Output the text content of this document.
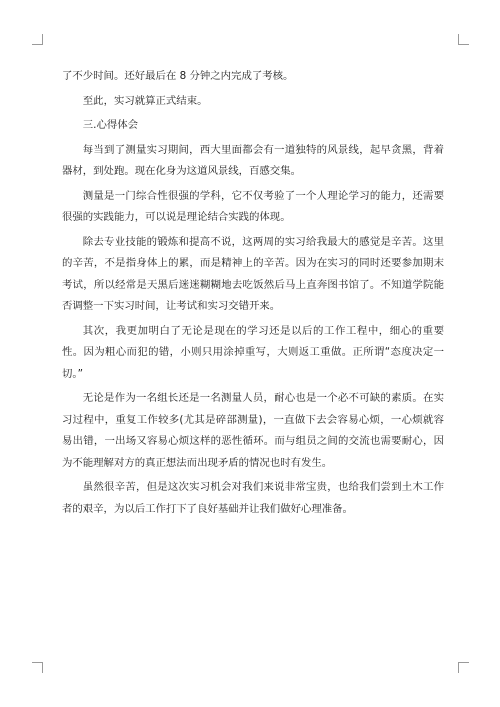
了不少时间。还好最后在 8 分钟之内完成了考核。

至此，实习就算正式结束。

三.心得体会

每当到了测量实习期间，西大里面都会有一道独特的风景线，起早贪黑，背着器材，到处跑。现在化身为这道风景线，百感交集。

测量是一门综合性很强的学科，它不仅考验了一个人理论学习的能力，还需要很强的实践能力，可以说是理论结合实践的体现。

除去专业技能的锻炼和提高不说，这两周的实习给我最大的感觉是辛苦。这里的辛苦，不是指身体上的累，而是精神上的辛苦。因为在实习的同时还要参加期末考试，所以经常是天黑后迷迷糊糊地去吃饭然后马上直奔图书馆了。不知道学院能否调整一下实习时间，让考试和实习交错开来。

其次，我更加明白了无论是现在的学习还是以后的工作工程中，细心的重要性。因为粗心而犯的错，小则只用涂掉重写，大则返工重做。正所谓“态度决定一切。”

无论是作为一名组长还是一名测量人员，耐心也是一个必不可缺的素质。在实习过程中，重复工作较多(尤其是碎部测量)，一直做下去会容易心烦，一心烦就容易出错，一出场又容易心烦这样的恶性循环。而与组员之间的交流也需要耐心，因为不能理解对方的真正想法而出现矛盾的情况也时有发生。

虽然很辛苦，但是这次实习机会对我们来说非常宝贵，也给我们尝到土木工作者的艰辛，为以后工作打下了良好基础并让我们做好心理准备。
